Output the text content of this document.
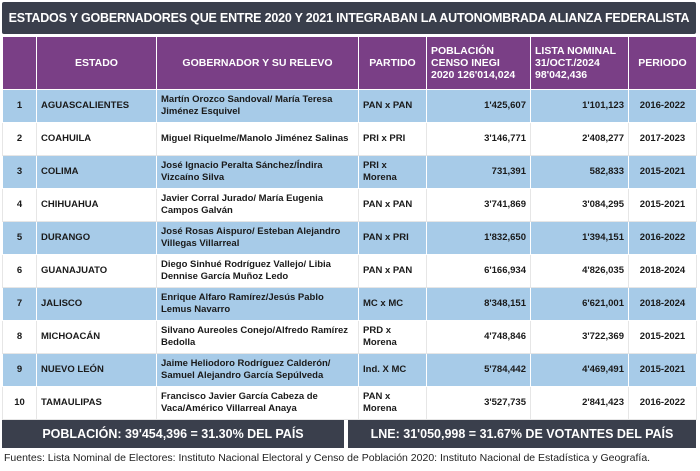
ESTADOS Y GOBERNADORES QUE ENTRE 2020 Y 2021 INTEGRABAN LA AUTONOMBRADA ALIANZA FEDERALISTA
	ESTADO	GOBERNADOR Y SU RELEVO	PARTIDO	POBLACIÓN CENSO INEGI 2020 126'014,024	LISTA NOMINAL 31/OCT./2024 98'042,436	PERIODO
1	AGUASCALIENTES	Martín Orozco Sandoval/ María Teresa Jiménez Esquivel	PAN x PAN	1'425,607	1'101,123	2016-2022
2	COAHUILA	Miguel Riquelme/Manolo Jiménez Salinas	PRI x PRI	3'146,771	2'408,277	2017-2023
3	COLIMA	José Ignacio Peralta Sánchez/Índira Vizcaíno Silva	PRI x Morena	731,391	582,833	2015-2021
4	CHIHUAHUA	Javier Corral Jurado/ María Eugenia Campos Galván	PAN x PAN	3'741,869	3'084,295	2015-2021
5	DURANGO	José Rosas Aispuro/ Esteban Alejandro Villegas Villarreal	PAN x PRI	1'832,650	1'394,151	2016-2022
6	GUANAJUATO	Diego Sinhué Rodríguez Vallejo/ Libia Dennise García Muñoz Ledo	PAN x PAN	6'166,934	4'826,035	2018-2024
7	JALISCO	Enrique Alfaro Ramírez/Jesús Pablo Lemus Navarro	MC x MC	8'348,151	6'621,001	2018-2024
8	MICHOACÁN	Silvano Aureoles Conejo/Alfredo Ramírez Bedolla	PRD x Morena	4'748,846	3'722,369	2015-2021
9	NUEVO LEÓN	Jaime Heliodoro Rodríguez Calderón/ Samuel Alejandro García Sepúlveda	Ind. X MC	5'784,442	4'469,491	2015-2021
10	TAMAULIPAS	Francisco Javier García Cabeza de Vaca/Américo Villarreal Anaya	PAN x Morena	3'527,735	2'841,423	2016-2022
POBLACIÓN: 39'454,396 = 31.30% DEL PAÍS	LNE: 31'050,998 = 31.67% DE VOTANTES DEL PAÍS
Fuentes: Lista Nominal de Electores: Instituto Nacional Electoral y Censo de Población 2020: Instituto Nacional de Estadística y Geografía.
